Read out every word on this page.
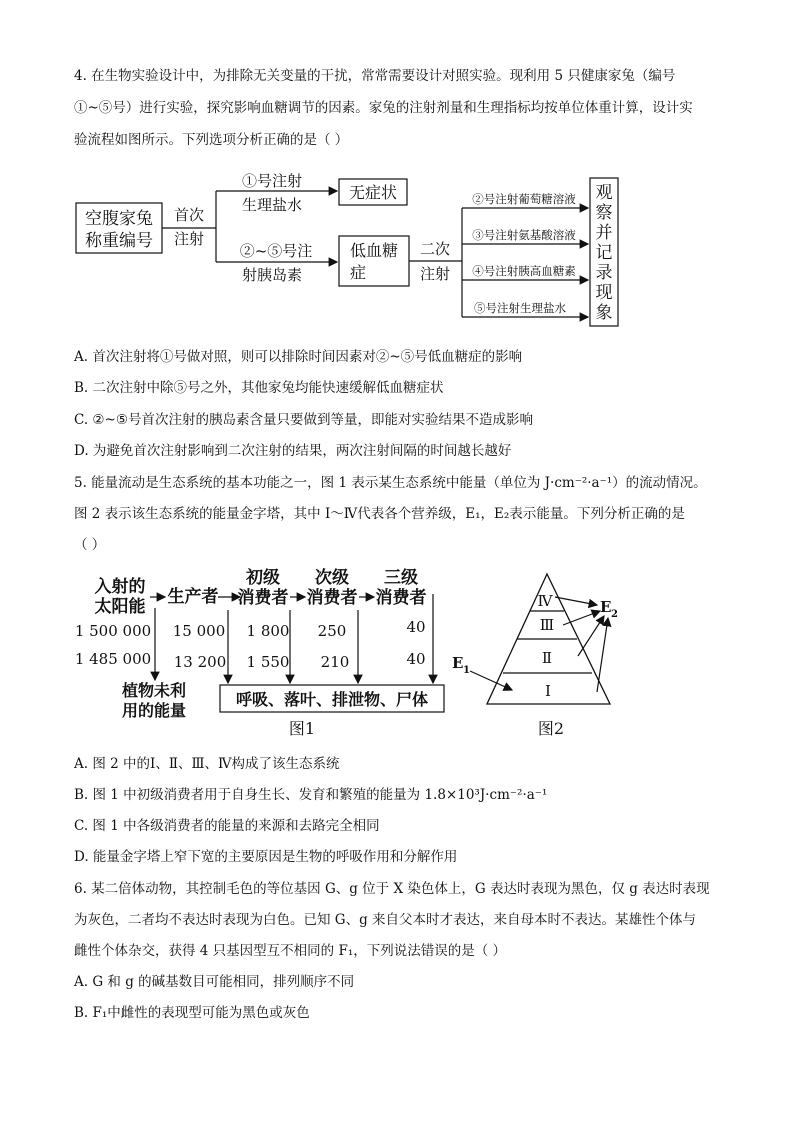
4. 在生物实验设计中，为排除无关变量的干扰，常常需要设计对照实验。现利用 5 只健康家兔（编号
①~⑤号）进行实验，探究影响血糖调节的因素。家兔的注射剂量和生理指标均按单位体重计算，设计实
验流程如图所示。下列选项分析正确的是（ ）
空腹家兔
称重编号
首次
注射
①号注射
生理盐水
②~⑤号注
射胰岛素
无症状
低血糖
症
二次
注射
②号注射葡萄糖溶液
③号注射氨基酸溶液
④号注射胰高血糖素
⑤号注射生理盐水
观
察
并
记
录
现
象
A. 首次注射将①号做对照，则可以排除时间因素对②~⑤号低血糖症的影响
B. 二次注射中除⑤号之外，其他家兔均能快速缓解低血糖症状
C. ②~⑤号首次注射的胰岛素含量只要做到等量，即能对实验结果不造成影响
D. 为避免首次注射影响到二次注射的结果，两次注射间隔的时间越长越好
5. 能量流动是生态系统的基本功能之一，图 1 表示某生态系统中能量（单位为 J·cm⁻²·a⁻¹）的流动情况。
图 2 表示该生态系统的能量金字塔，其中 Ⅰ～Ⅳ代表各个营养级，E₁，E₂表示能量。下列分析正确的是
（ ）
入射的
太阳能 生产者
初级
消费者
次级
消费者
三级
消费者
1 500 000 15 000 1 800 250	40
1 485 000 13 200 1 550 210	40
植物未利
用的能量
呼吸、落叶、排泄物、尸体
图1
Ⅳ
Ⅲ
Ⅱ
Ⅰ
E 1
E 2
图2
A. 图 2 中的Ⅰ、Ⅱ、Ⅲ、Ⅳ构成了该生态系统
B. 图 1 中初级消费者用于自身生长、发育和繁殖的能量为 1.8×10³J·cm⁻²·a⁻¹
C. 图 1 中各级消费者的能量的来源和去路完全相同
D. 能量金字塔上窄下宽的主要原因是生物的呼吸作用和分解作用
6. 某二倍体动物，其控制毛色的等位基因 G、g 位于 X 染色体上，G 表达时表现为黑色，仅 g 表达时表现
为灰色，二者均不表达时表现为白色。已知 G、g 来自父本时才表达，来自母本时不表达。某雄性个体与
雌性个体杂交，获得 4 只基因型互不相同的 F₁，下列说法错误的是（ ）
A. G 和 g 的碱基数目可能相同，排列顺序不同
B. F₁中雌性的表现型可能为黑色或灰色
